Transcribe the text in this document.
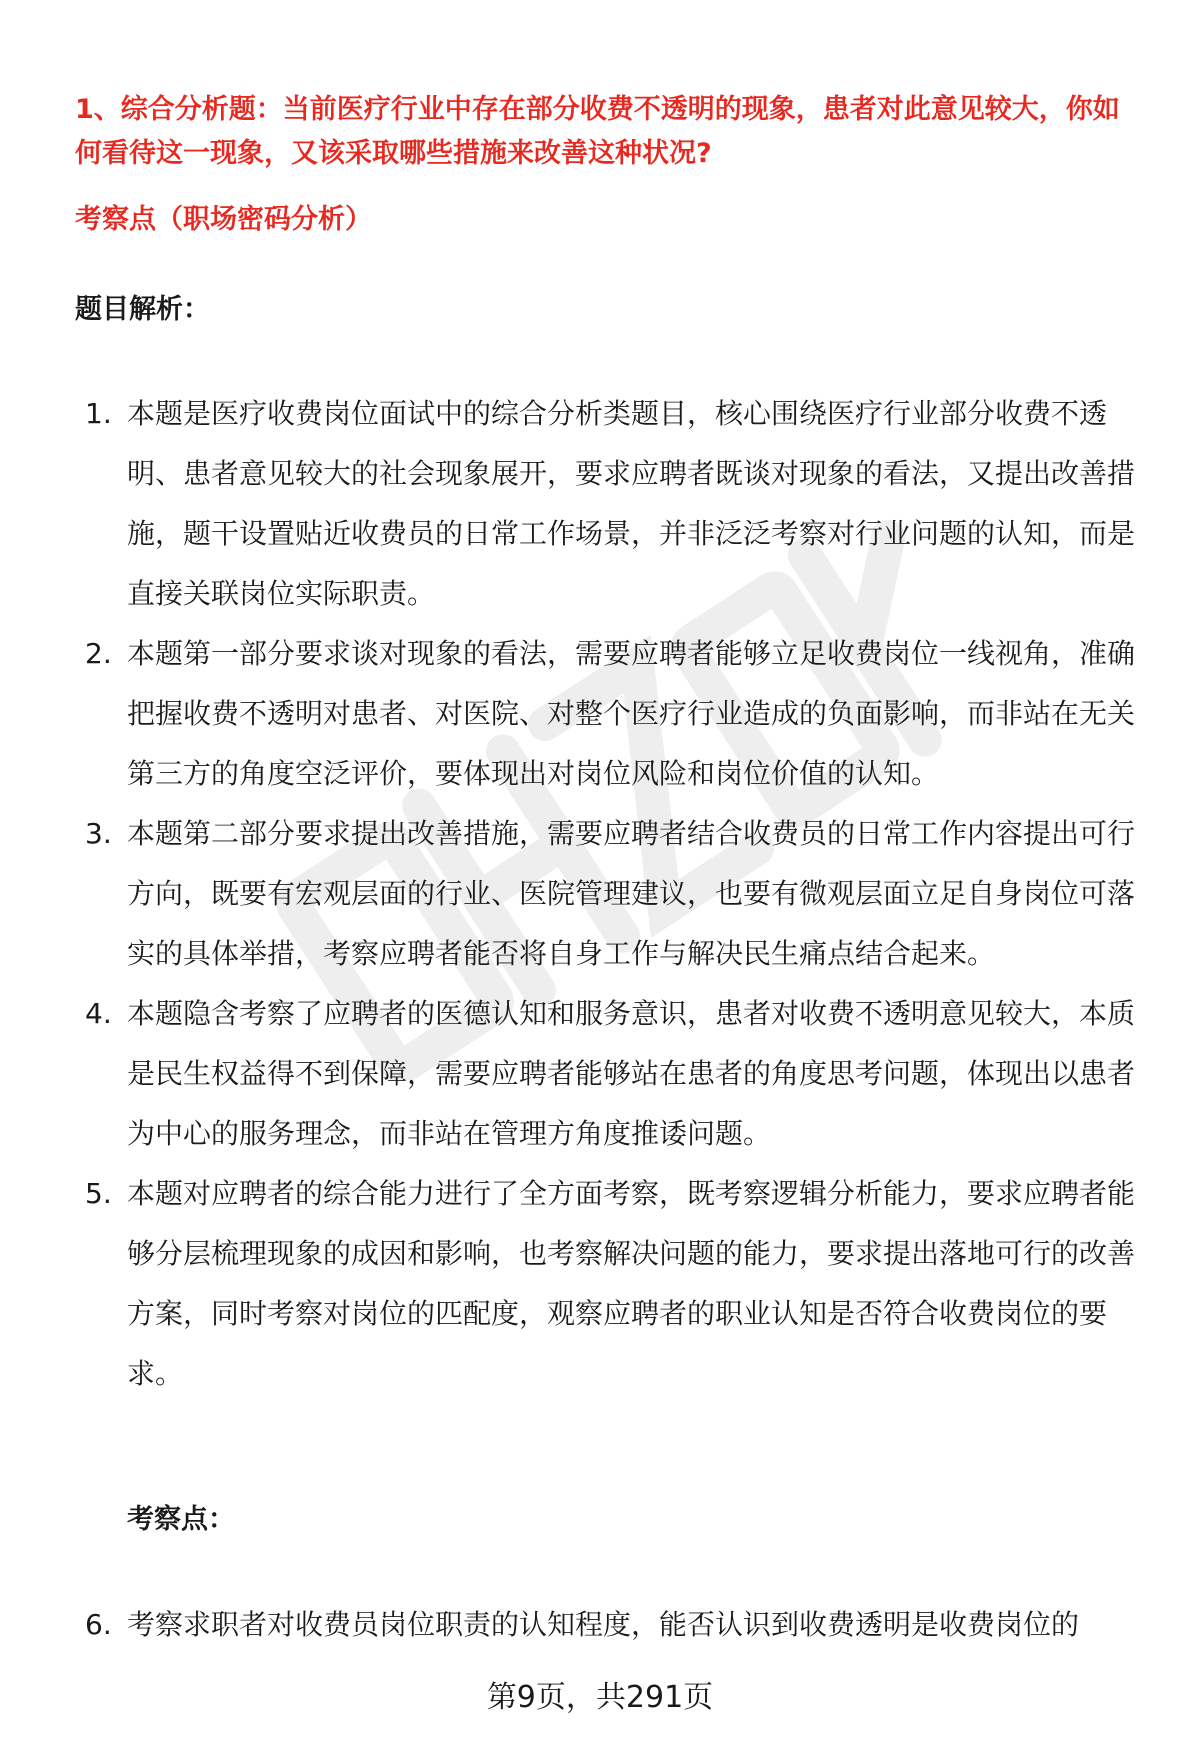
1、综合分析题：当前医疗行业中存在部分收费不透明的现象，患者对此意见较大，你如何看待这一现象，又该采取哪些措施来改善这种状况?
考察点（职场密码分析）
题目解析：
1. 本题是医疗收费岗位面试中的综合分析类题目，核心围绕医疗行业部分收费不透明、患者意见较大的社会现象展开，要求应聘者既谈对现象的看法，又提出改善措施，题干设置贴近收费员的日常工作场景，并非泛泛考察对行业问题的认知，而是直接关联岗位实际职责。
2. 本题第一部分要求谈对现象的看法，需要应聘者能够立足收费岗位一线视角，准确把握收费不透明对患者、对医院、对整个医疗行业造成的负面影响，而非站在无关第三方的角度空泛评价，要体现出对岗位风险和岗位价值的认知。
3. 本题第二部分要求提出改善措施，需要应聘者结合收费员的日常工作内容提出可行方向，既要有宏观层面的行业、医院管理建议，也要有微观层面立足自身岗位可落实的具体举措，考察应聘者能否将自身工作与解决民生痛点结合起来。
4. 本题隐含考察了应聘者的医德认知和服务意识，患者对收费不透明意见较大，本质是民生权益得不到保障，需要应聘者能够站在患者的角度思考问题，体现出以患者为中心的服务理念，而非站在管理方角度推诿问题。
5. 本题对应聘者的综合能力进行了全方面考察，既考察逻辑分析能力，要求应聘者能够分层梳理现象的成因和影响，也考察解决问题的能力，要求提出落地可行的改善方案，同时考察对岗位的匹配度，观察应聘者的职业认知是否符合收费岗位的要求。
考察点：
6. 考察求职者对收费员岗位职责的认知程度，能否认识到收费透明是收费岗位的
第9页，共291页
